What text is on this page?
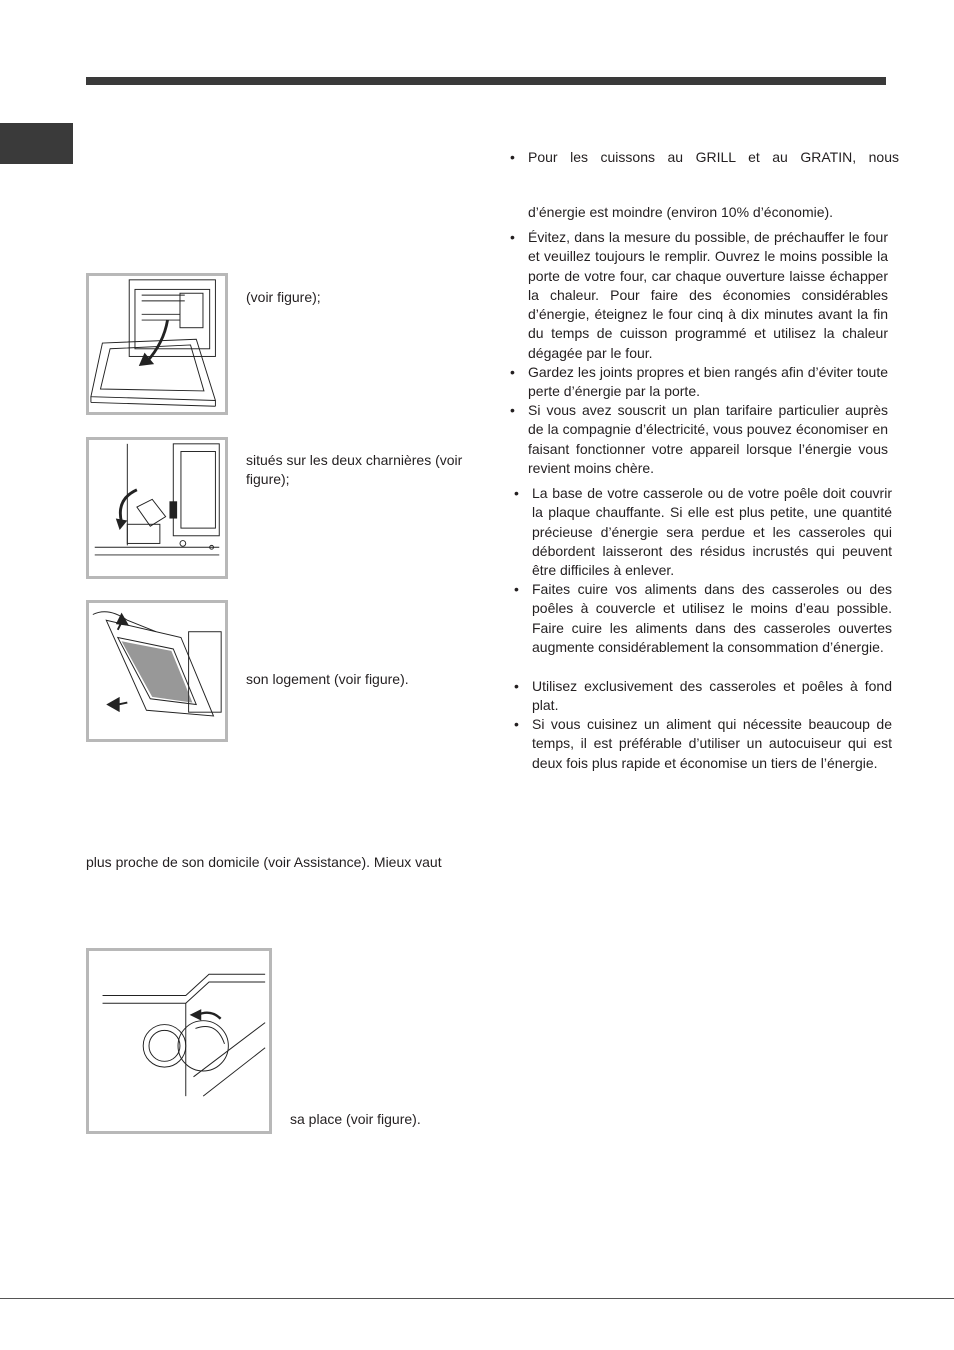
(voir figure);
situés sur les deux charnières (voir figure);
son logement (voir figure).
plus proche de son domicile (voir Assistance). Mieux vaut
sa place (voir figure).
• Pour les cuissons au GRILL et au GRATIN, nous
d’énergie est moindre (environ 10% d’économie).
• Évitez, dans la mesure du possible, de préchauffer le four et veuillez toujours le remplir. Ouvrez le moins possible la porte de votre four, car chaque ouverture laisse échapper la chaleur. Pour faire des économies considérables d’énergie, éteignez le four cinq à dix minutes avant la fin du temps de cuisson programmé et utilisez la chaleur dégagée par le four.
• Gardez les joints propres et bien rangés afin d’éviter toute perte d’énergie par la porte.
• Si vous avez souscrit un plan tarifaire particulier auprès de la compagnie d’électricité, vous pouvez économiser en faisant fonctionner votre appareil lorsque l’énergie vous revient moins chère.
• La base de votre casserole ou de votre poêle doit couvrir la plaque chauffante. Si elle est plus petite, une quantité précieuse d’énergie sera perdue et les casseroles qui débordent laisseront des résidus incrustés qui peuvent être difficiles à enlever.
• Faites cuire vos aliments dans des casseroles ou des poêles à couvercle et utilisez le moins d’eau possible. Faire cuire les aliments dans des casseroles ouvertes augmente considérablement la consommation d’énergie.
• Utilisez exclusivement des casseroles et poêles à fond plat.
• Si vous cuisinez un aliment qui nécessite beaucoup de temps, il est préférable d’utiliser un autocuiseur qui est deux fois plus rapide et économise un tiers de l’énergie.
